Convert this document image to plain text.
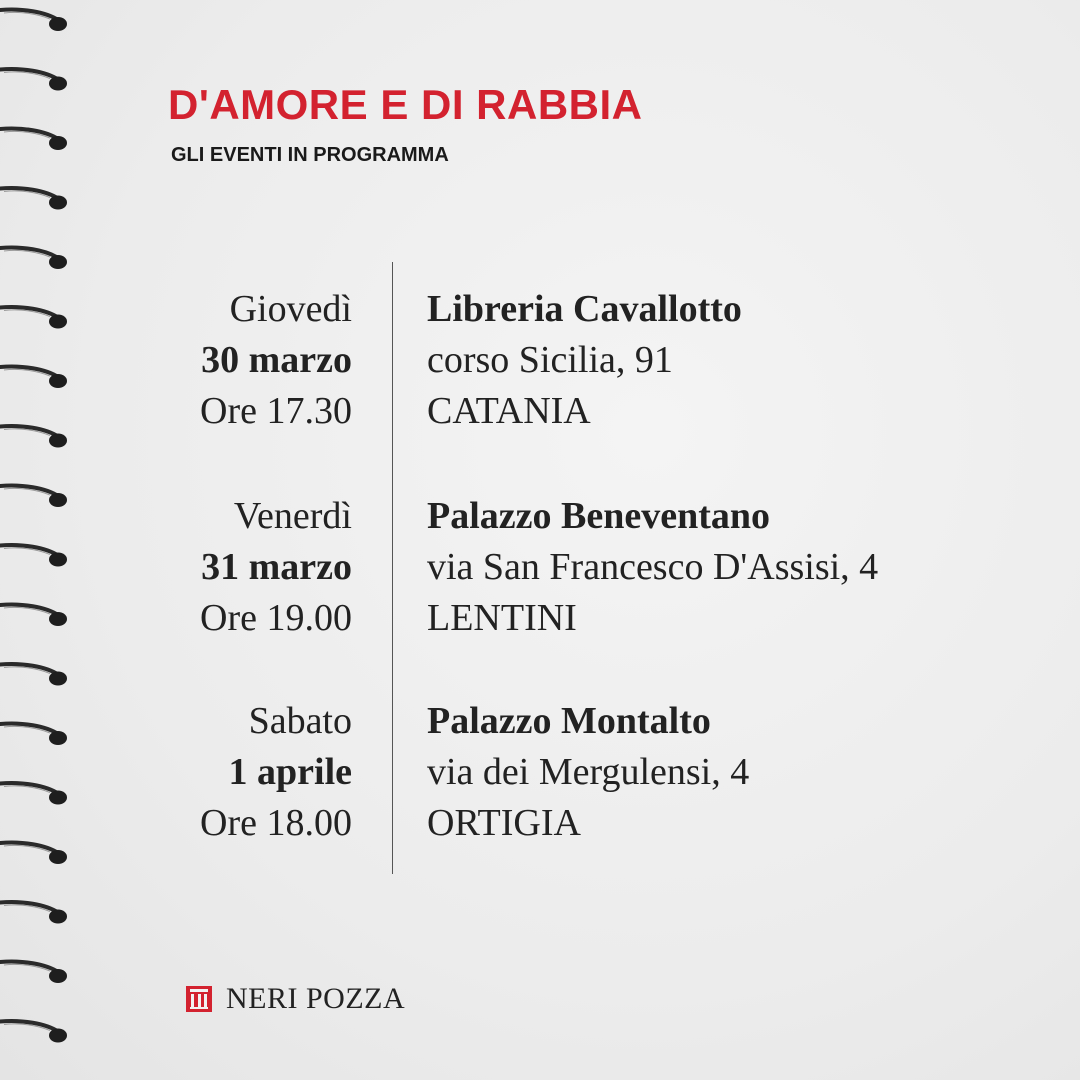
D'AMORE E DI RABBIA
GLI EVENTI IN PROGRAMMA
Giovedì
30 marzo
Ore 17.30
Libreria Cavallotto
corso Sicilia, 91
CATANIA
Venerdì
31 marzo
Ore 19.00
Palazzo Beneventano
via San Francesco D'Assisi, 4
LENTINI
Sabato
1 aprile
Ore 18.00
Palazzo Montalto
via dei Mergulensi, 4
ORTIGIA
NERI POZZA
